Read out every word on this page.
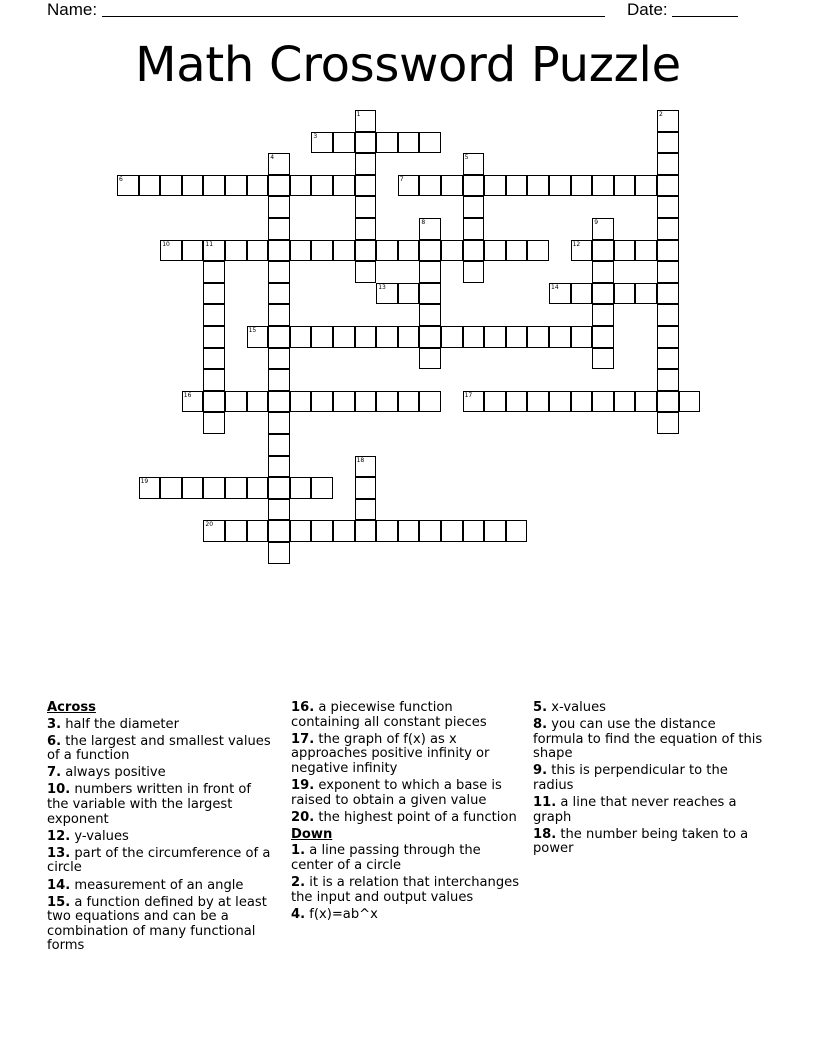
Name:	Date:
Math Crossword Puzzle
1	2
3
4	5
6	7
8	9
10	11	12
13	14
15
16	17
18
19
20
Across
3. half the diameter
6. the largest and smallest values of a function
7. always positive
10. numbers written in front of the variable with the largest exponent
12. y-values
13. part of the circumference of a circle
14. measurement of an angle
15. a function defined by at least two equations and can be a combination of many functional forms
16. a piecewise function containing all constant pieces
17. the graph of f(x) as x approaches positive infinity or negative infinity
19. exponent to which a base is raised to obtain a given value
20. the highest point of a function
Down
1. a line passing through the center of a circle
2. it is a relation that interchanges the input and output values
4. f(x)=ab^x
5. x-values
8. you can use the distance formula to find the equation of this shape
9. this is perpendicular to the radius
11. a line that never reaches a graph
18. the number being taken to a power
